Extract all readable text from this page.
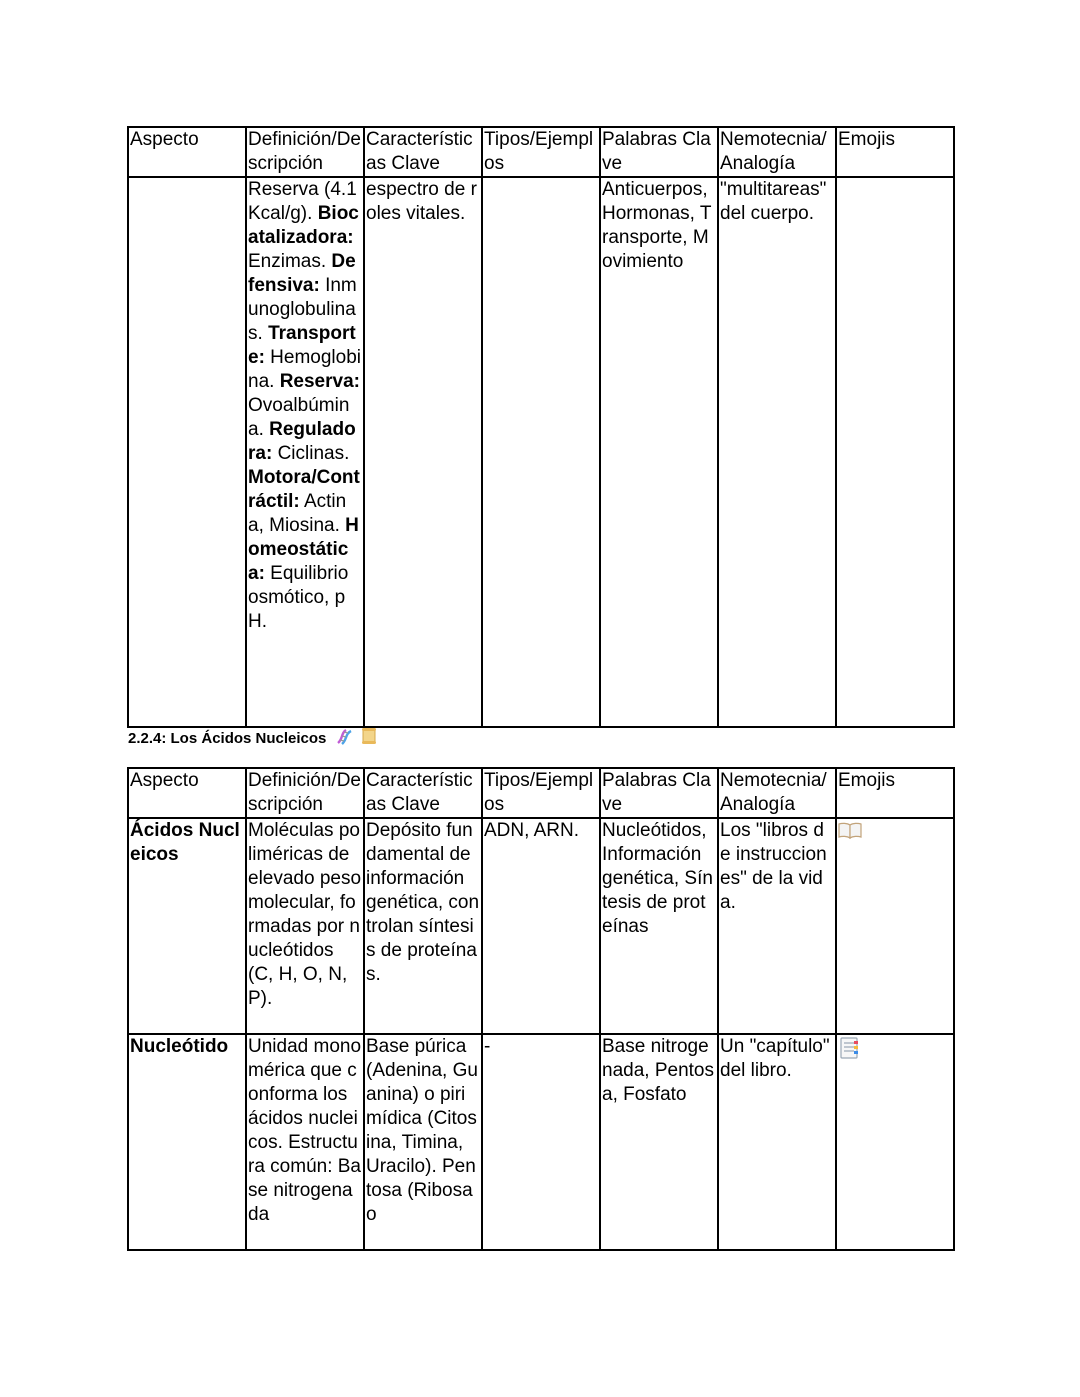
Aspecto	Definición/Descripción	Características Clave	Tipos/Ejemplos	Palabras Clave	Nemotecnia/Analogía	Emojis
	Reserva (4.1 Kcal/g). Biocatalizadora: Enzimas. Defensiva: Inmunoglobulinas. Transporte: Hemoglobina. Reserva: Ovoalbúmina. Reguladora: Ciclinas. Motora/Contráctil: Actina, Miosina. Homeostática: Equilibrio osmótico, pH.	espectro de roles vitales.		Anticuerpos, Hormonas, Transporte, Movimiento	"multitareas" del cuerpo.	
2.2.4: Los Ácidos Nucleicos
Aspecto	Definición/Descripción	Características Clave	Tipos/Ejemplos	Palabras Clave	Nemotecnia/Analogía	Emojis
Ácidos Nucleicos	Moléculas poliméricas de elevado peso molecular, formadas por nucleótidos (C, H, O, N, P).	Depósito fundamental de información genética, controlan síntesis de proteínas.	ADN, ARN.	Nucleótidos, Información genética, Síntesis de proteínas	Los "libros de instrucciones" de la vida.	
Nucleótido	Unidad monomérica que conforma los ácidos nucleicos. Estructura común: Base nitrogenada	Base púrica (Adenina, Guanina) o pirimídica (Citosina, Timina, Uracilo). Pentosa (Ribosa o	-	Base nitrogenada, Pentosa, Fosfato	Un "capítulo" del libro.	
